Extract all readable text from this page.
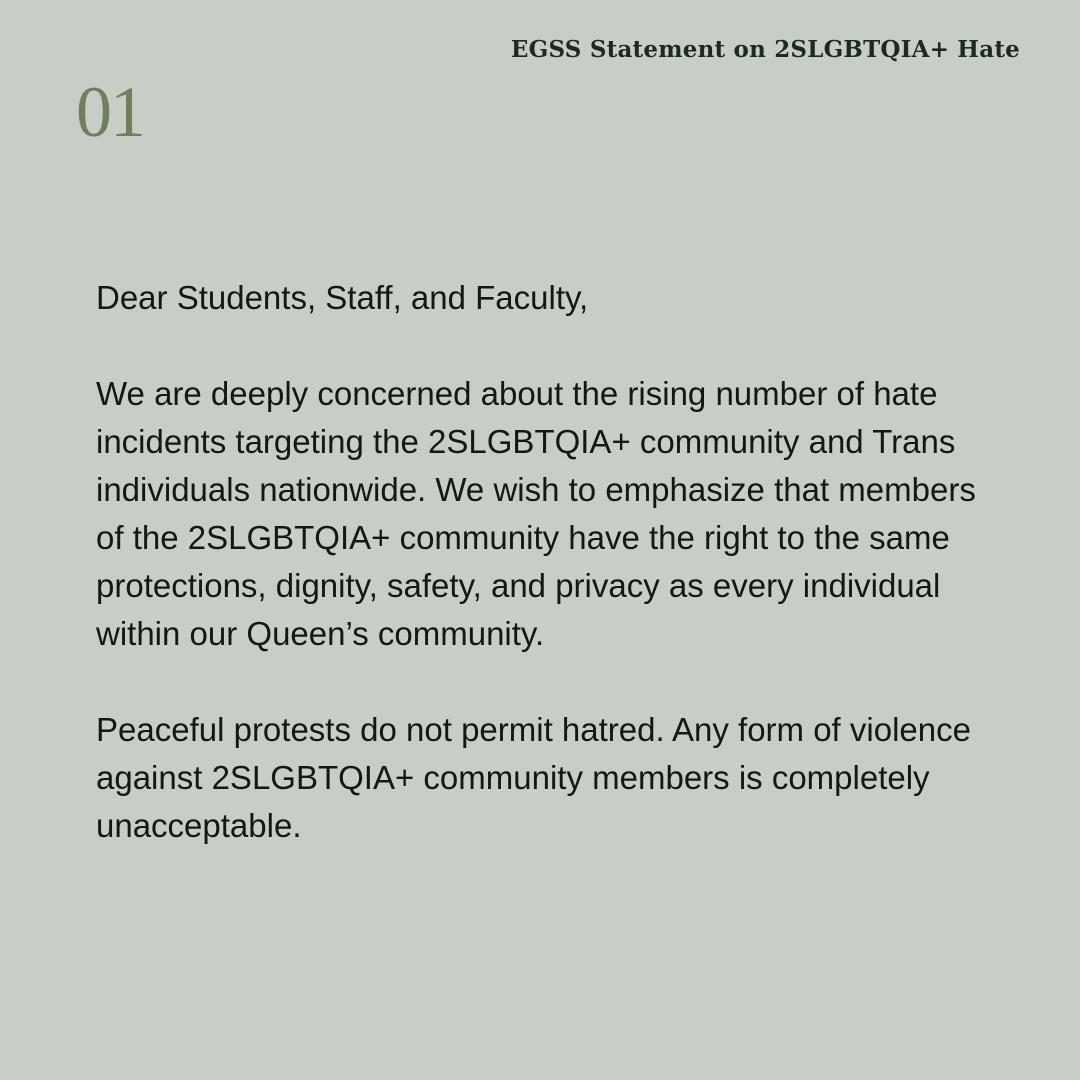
EGSS Statement on 2SLGBTQIA+ Hate
01

Dear Students, Staff, and Faculty,

We are deeply concerned about the rising number of hate incidents targeting the 2SLGBTQIA+ community and Trans individuals nationwide. We wish to emphasize that members of the 2SLGBTQIA+ community have the right to the same protections, dignity, safety, and privacy as every individual within our Queen’s community.

Peaceful protests do not permit hatred. Any form of violence against 2SLGBTQIA+ community members is completely unacceptable.
